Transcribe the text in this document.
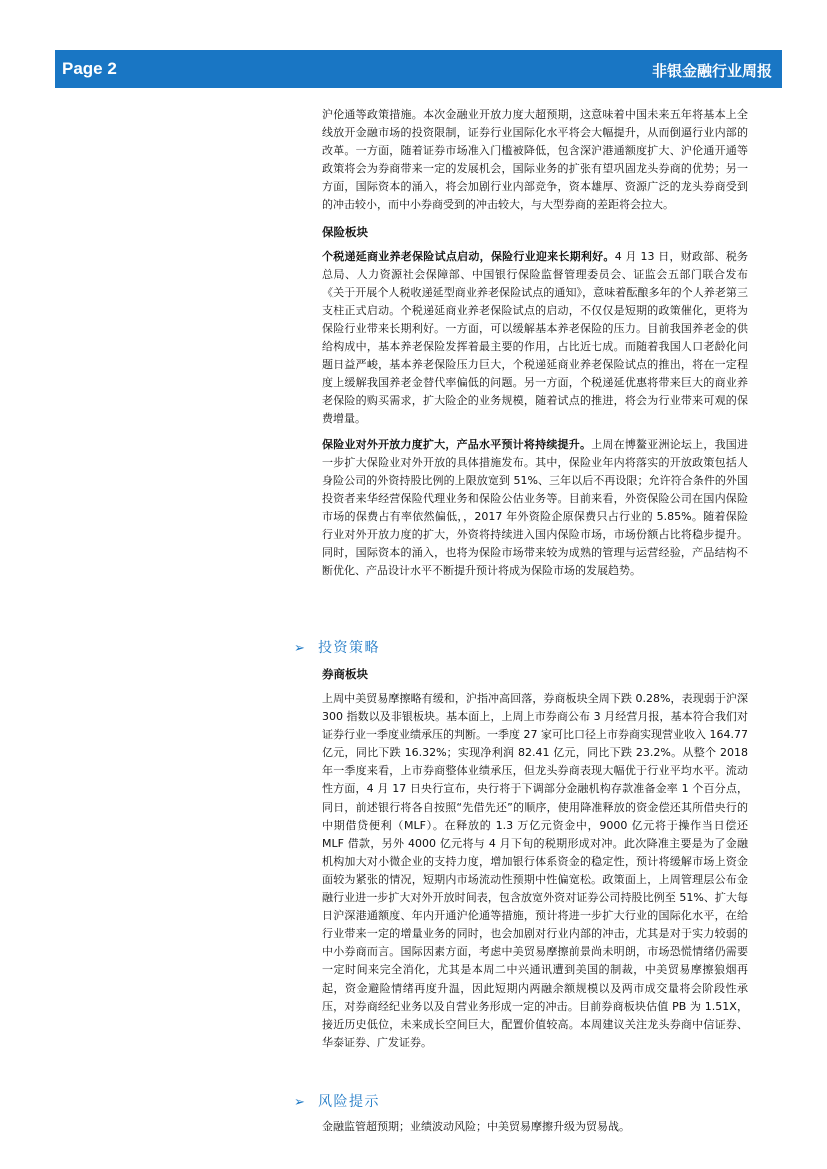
Page 2	非银金融行业周报

沪伦通等政策措施。本次金融业开放力度大超预期，这意味着中国未来五年将基本上全线放开金融市场的投资限制，证券行业国际化水平将会大幅提升，从而倒逼行业内部的改革。一方面，随着证券市场准入门槛被降低，包含深沪港通额度扩大、沪伦通开通等政策将会为券商带来一定的发展机会，国际业务的扩张有望巩固龙头券商的优势；另一方面，国际资本的涌入，将会加剧行业内部竞争，资本雄厚、资源广泛的龙头券商受到的冲击较小，而中小券商受到的冲击较大，与大型券商的差距将会拉大。

保险板块

个税递延商业养老保险试点启动，保险行业迎来长期利好。4 月 13 日，财政部、税务总局、人力资源社会保障部、中国银行保险监督管理委员会、证监会五部门联合发布《关于开展个人税收递延型商业养老保险试点的通知》，意味着酝酿多年的个人养老第三支柱正式启动。个税递延商业养老保险试点的启动，不仅仅是短期的政策催化，更将为保险行业带来长期利好。一方面，可以缓解基本养老保险的压力。目前我国养老金的供给构成中，基本养老保险发挥着最主要的作用，占比近七成。而随着我国人口老龄化问题日益严峻，基本养老保险压力巨大，个税递延商业养老保险试点的推出，将在一定程度上缓解我国养老金替代率偏低的问题。另一方面，个税递延优惠将带来巨大的商业养老保险的购买需求，扩大险企的业务规模，随着试点的推进，将会为行业带来可观的保费增量。

保险业对外开放力度扩大，产品水平预计将持续提升。上周在博鳌亚洲论坛上，我国进一步扩大保险业对外开放的具体措施发布。其中，保险业年内将落实的开放政策包括人身险公司的外资持股比例的上限放宽到 51%、三年以后不再设限；允许符合条件的外国投资者来华经营保险代理业务和保险公估业务等。目前来看，外资保险公司在国内保险市场的保费占有率依然偏低，，2017 年外资险企原保费只占行业的 5.85%。随着保险行业对外开放力度的扩大，外资将持续进入国内保险市场，市场份额占比将稳步提升。同时，国际资本的涌入，也将为保险市场带来较为成熟的管理与运营经验，产品结构不断优化、产品设计水平不断提升预计将成为保险市场的发展趋势。

➢ 投资策略
券商板块

上周中美贸易摩擦略有缓和，沪指冲高回落，券商板块全周下跌 0.28%，表现弱于沪深 300 指数以及非银板块。基本面上，上周上市券商公布 3 月经营月报，基本符合我们对证券行业一季度业绩承压的判断。一季度 27 家可比口径上市券商实现营业收入 164.77 亿元，同比下跌 16.32%；实现净利润 82.41 亿元，同比下跌 23.2%。从整个 2018 年一季度来看，上市券商整体业绩承压，但龙头券商表现大幅优于行业平均水平。流动性方面，4 月 17 日央行宣布，央行将于下调部分金融机构存款准备金率 1 个百分点，同日，前述银行将各自按照“先借先还”的顺序，使用降准释放的资金偿还其所借央行的中期借贷便利（MLF）。在释放的 1.3 万亿元资金中，9000 亿元将于操作当日偿还 MLF 借款，另外 4000 亿元将与 4 月下旬的税期形成对冲。此次降准主要是为了金融机构加大对小微企业的支持力度，增加银行体系资金的稳定性，预计将缓解市场上资金面较为紧张的情况，短期内市场流动性预期中性偏宽松。政策面上，上周管理层公布金融行业进一步扩大对外开放时间表，包含放宽外资对证券公司持股比例至 51%、扩大每日沪深港通额度、年内开通沪伦通等措施，预计将进一步扩大行业的国际化水平，在给行业带来一定的增量业务的同时，也会加剧对行业内部的冲击，尤其是对于实力较弱的中小券商而言。国际因素方面，考虑中美贸易摩擦前景尚未明朗，市场恐慌情绪仍需要一定时间来完全消化，尤其是本周二中兴通讯遭到美国的制裁，中美贸易摩擦狼烟再起，资金避险情绪再度升温，因此短期内两融余额规模以及两市成交量将会阶段性承压，对券商经纪业务以及自营业务形成一定的冲击。目前券商板块估值 PB 为 1.51X，接近历史低位，未来成长空间巨大，配置价值较高。本周建议关注龙头券商中信证券、华泰证券、广发证券。

➢ 风险提示

金融监管超预期；业绩波动风险；中美贸易摩擦升级为贸易战。
